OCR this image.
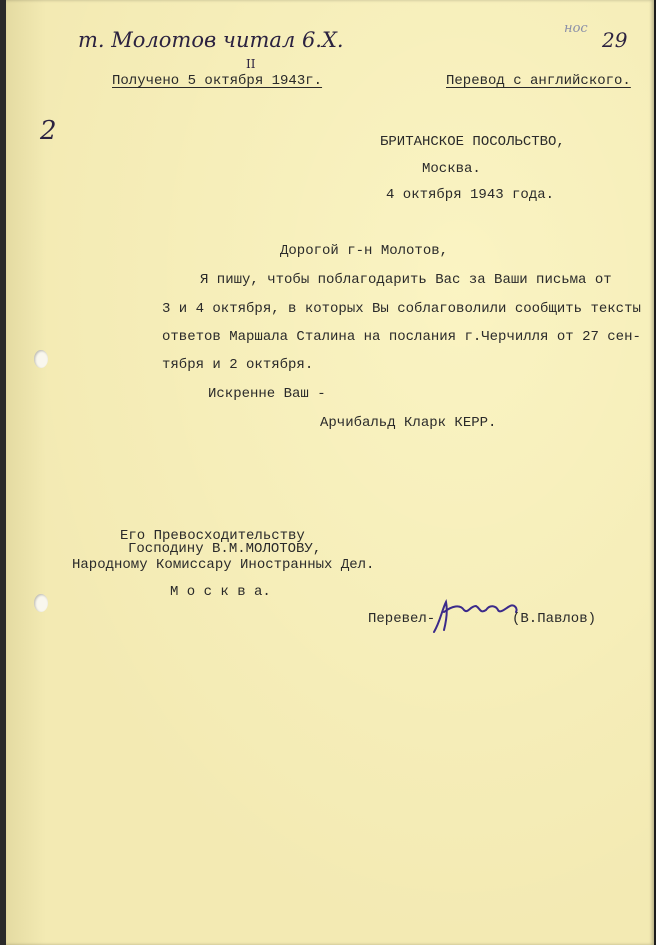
т. Молотов читал 6.Х.
II
нос 29
Получено 5 октября 1943г.	Перевод с английского.
2	БРИТАНСКОЕ ПОСОЛЬСТВО,
Москва.
4 октября 1943 года.
Дорогой г-н Молотов,
Я пишу, чтобы поблагодарить Вас за Ваши письма от
3 и 4 октября, в которых Вы соблаговолили сообщить тексты
ответов Маршала Сталина на послания г.Черчилля от 27 сен-
тября и 2 октября.
Искренне Ваш -
Арчибальд Кларк КЕРР.
Его Превосходительству
Господину В.М.МОЛОТОВУ,
Народному Комиссару Иностранных Дел.
М о с к в а.
Перевел-	(В.Павлов)
